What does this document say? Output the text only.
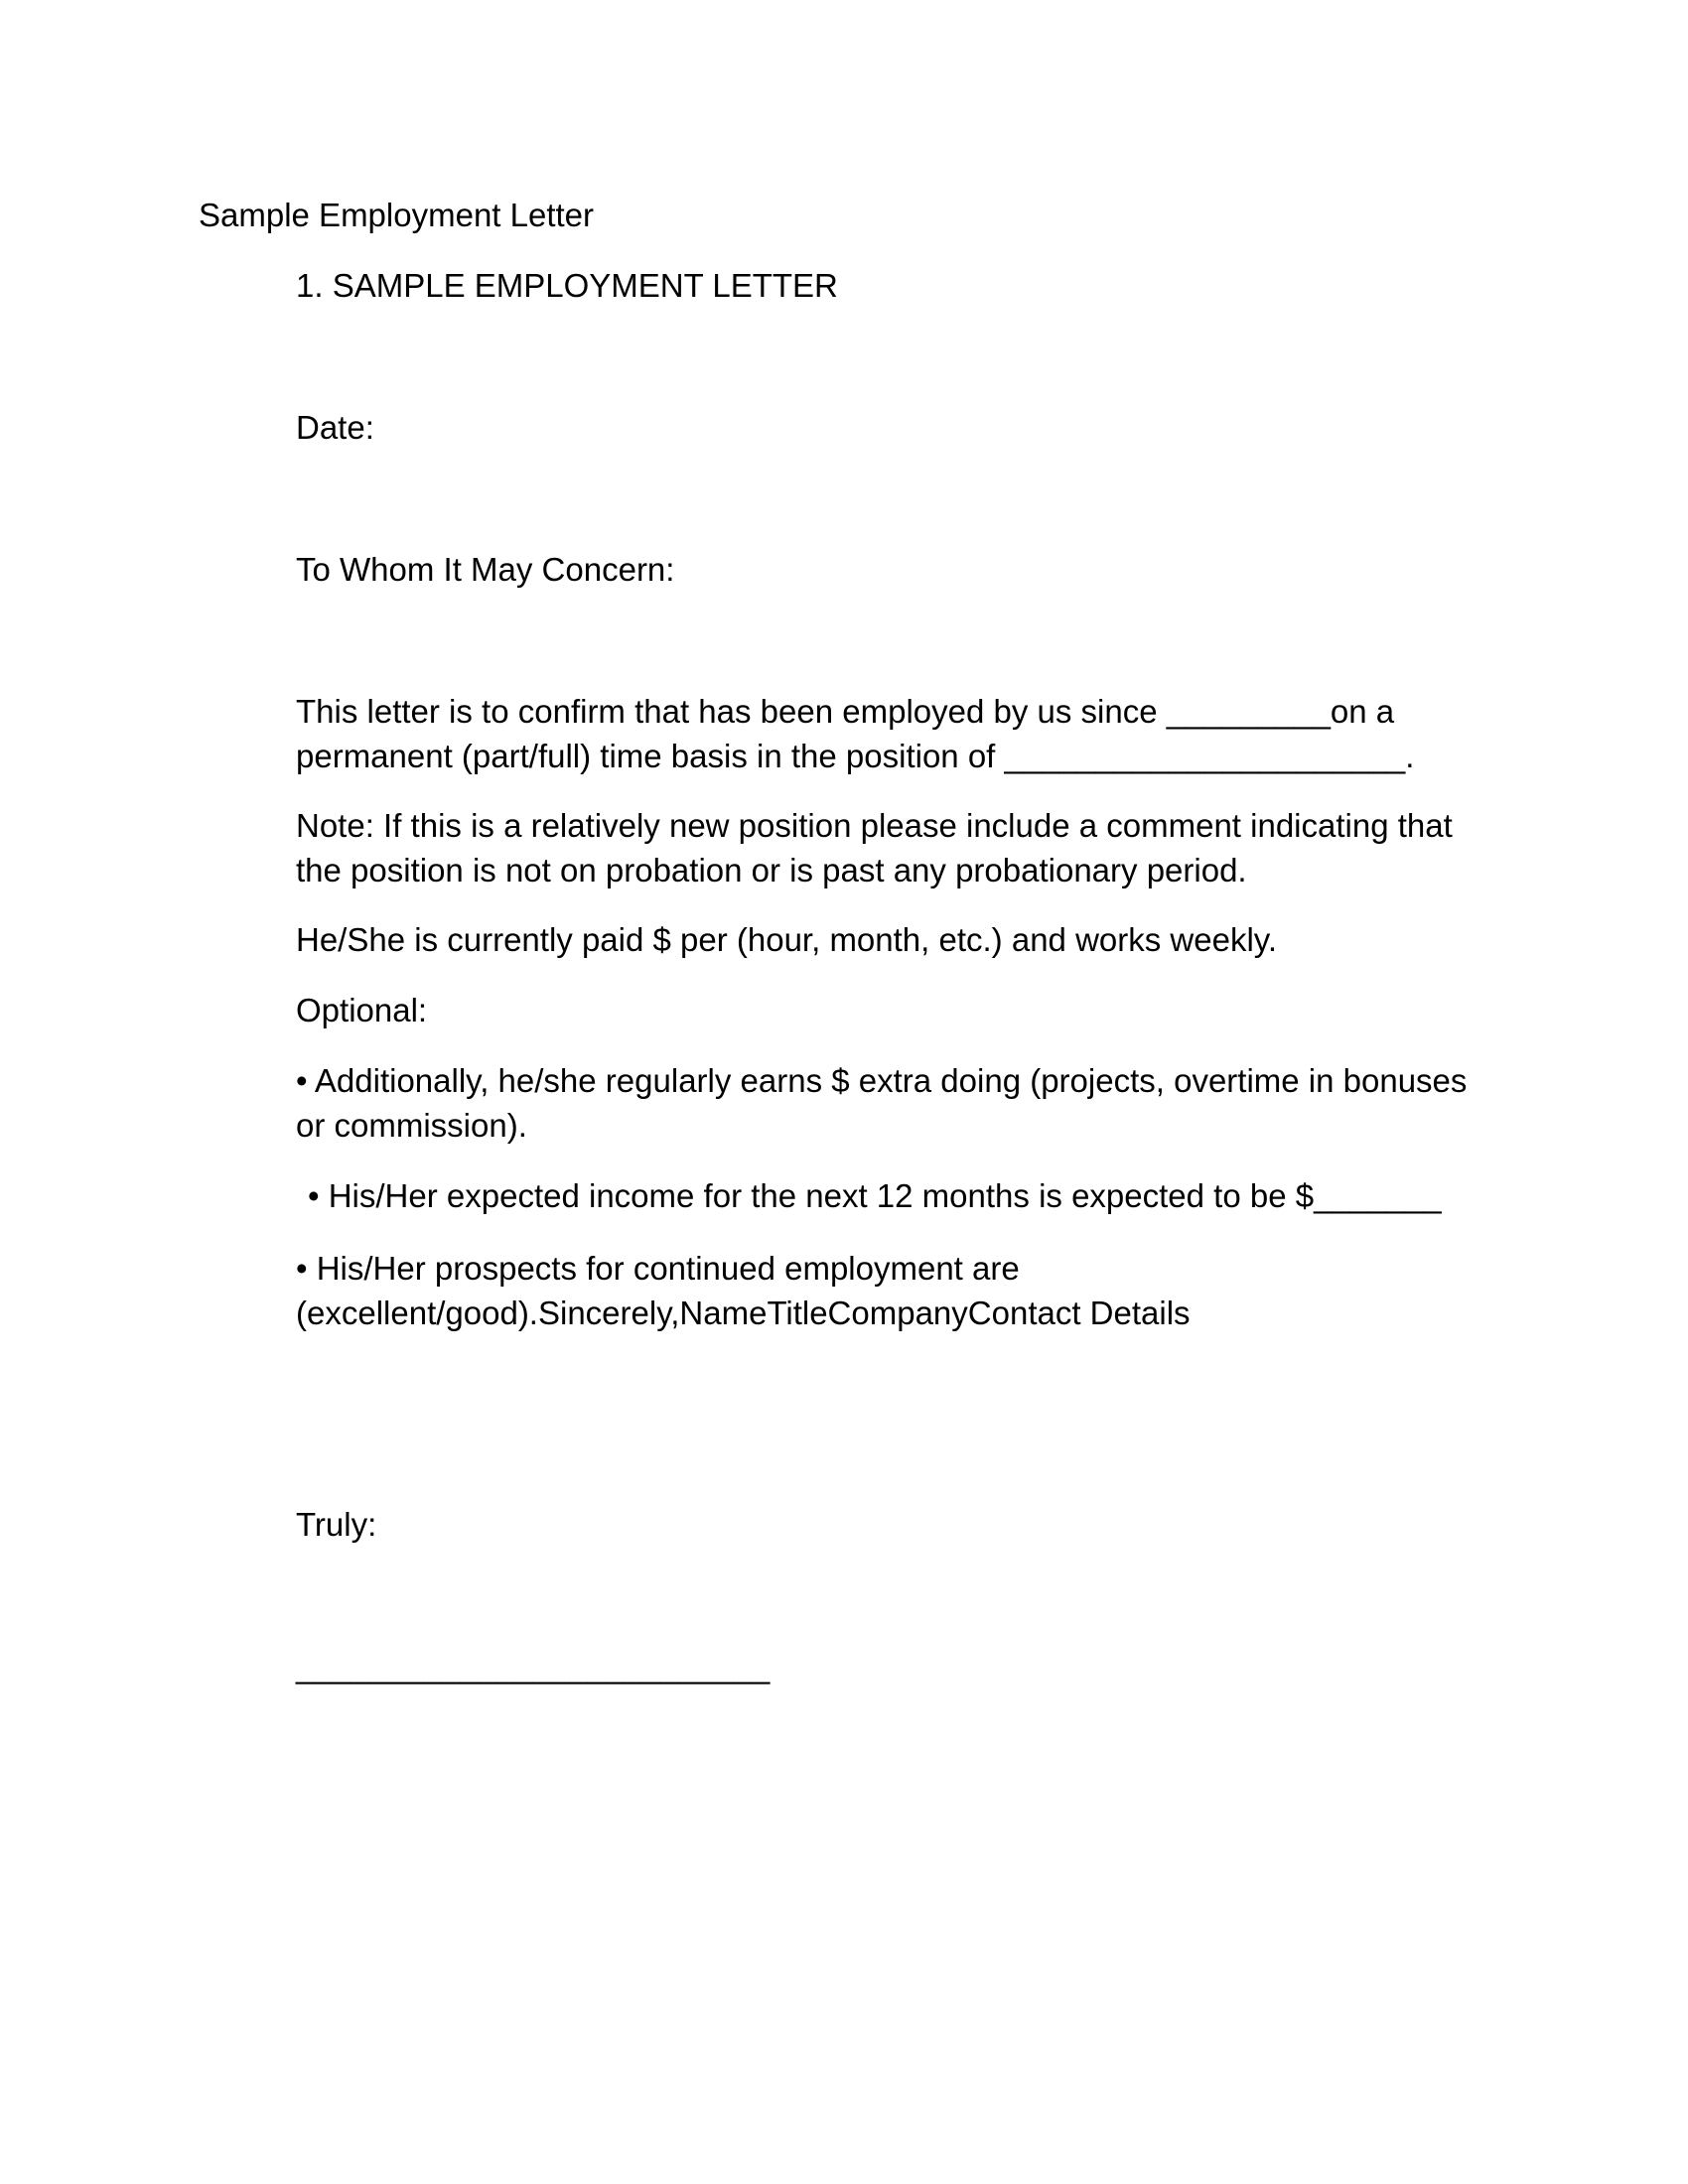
Sample Employment Letter

1. SAMPLE EMPLOYMENT LETTER

Date:

To Whom It May Concern:

This letter is to confirm that has been employed by us since _________on a
permanent (part/full) time basis in the position of ______________________.
Note: If this is a relatively new position please include a comment indicating that
the position is not on probation or is past any probationary period.

He/She is currently paid $ per (hour, month, etc.) and works weekly.

Optional:

• Additionally, he/she regularly earns $ extra doing (projects, overtime in bonuses
or commission).

• His/Her expected income for the next 12 months is expected to be $_______

• His/Her prospects for continued employment are
(excellent/good).Sincerely,NameTitleCompanyContact Details

Truly:

__________________________
